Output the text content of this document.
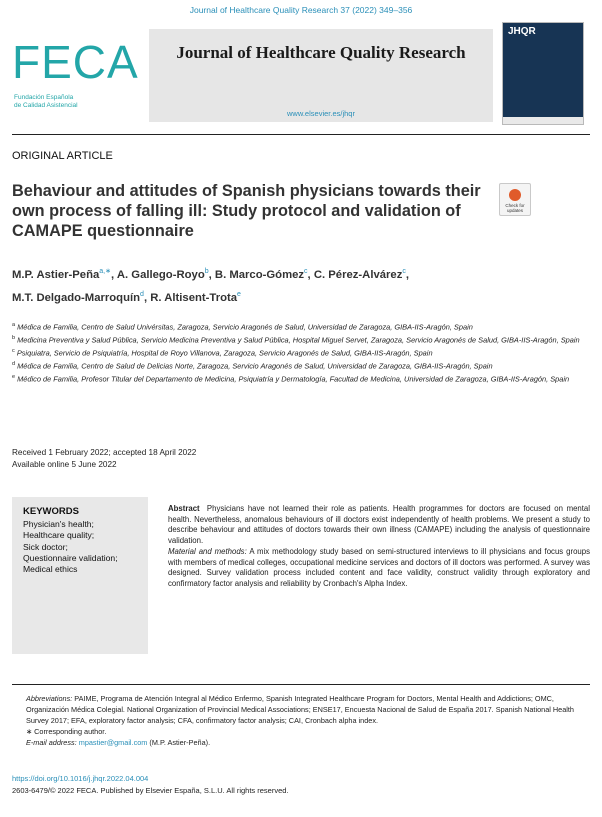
Journal of Healthcare Quality Research 37 (2022) 349–356
FECA
Fundación Española
de Calidad Asistencial
Journal of Healthcare Quality Research
www.elsevier.es/jhqr
JHQR
ORIGINAL ARTICLE
Behaviour and attitudes of Spanish physicians towards their own process of falling ill: Study protocol and validation of CAMAPE questionnaire
Check for
updates
M.P. Astier-Peña$^{a,∗}$, A. Gallego-Royo$^b$, B. Marco-Gómez$^c$, C. Pérez-Alvárez$^c$,
M.T. Delgado-Marroquín$^d$, R. Altisent-Trota$^e$
$^a$ Médica de Familia, Centro de Salud Univérsitas, Zaragoza, Servicio Aragonés de Salud, Universidad de Zaragoza, GIBA-IIS-Aragón, Spain
$^b$ Medicina Preventiva y Salud Pública, Servicio Medicina Preventiva y Salud Pública, Hospital Miguel Servet, Zaragoza, Servicio Aragonés de Salud, GIBA-IIS-Aragón, Spain
$^c$ Psiquiatra, Servicio de Psiquiatría, Hospital de Royo Villanova, Zaragoza, Servicio Aragonés de Salud, GIBA-IIS-Aragón, Spain
$^d$ Médica de Familia, Centro de Salud de Delicias Norte, Zaragoza, Servicio Aragonés de Salud, Universidad de Zaragoza, GIBA-IIS-Aragón, Spain
$^e$ Médico de Familia, Profesor Titular del Departamento de Medicina, Psiquiatría y Dermatología, Facultad de Medicina, Universidad de Zaragoza, GIBA-IIS-Aragón, Spain
Received 1 February 2022; accepted 18 April 2022
Available online 5 June 2022
KEYWORDS
Physician's health;
Healthcare quality;
Sick doctor;
Questionnaire validation;
Medical ethics

Abstract Physicians have not learned their role as patients. Health programmes for doctors are focused on mental health. Nevertheless, anomalous behaviours of ill doctors exist independently of health problems. We present a study to describe behaviour and attitudes of doctors towards their own illness (CAMAPE) including the analysis of questionnaire validation.

Material and methods: A mix methodology study based on semi-structured interviews to ill physicians and focus groups with members of medical colleges, occupational medicine services and doctors of ill doctors was performed. A survey was designed. Survey validation process included content and face validity, construct validity through exploratory and confirmatory factor analysis and reliability by Cronbach's Alpha Index.

Abbreviations: PAIME, Programa de Atención Integral al Médico Enfermo, Spanish Integrated Healthcare Program for Doctors, Mental Health and Addictions; OMC, Organización Médica Colegial. National Organization of Provincial Medical Associations; ENSE17, Encuesta Nacional de Salud de España 2017. Spanish National Health Survey 2017; EFA, exploratory factor analysis; CFA, confirmatory factor analysis; CAI, Cronbach alpha index.

∗ Corresponding author.

E-mail address: mpastier@gmail.com (M.P. Astier-Peña).

https://doi.org/10.1016/j.jhqr.2022.04.004
2603-6479/© 2022 FECA. Published by Elsevier España, S.L.U. All rights reserved.
